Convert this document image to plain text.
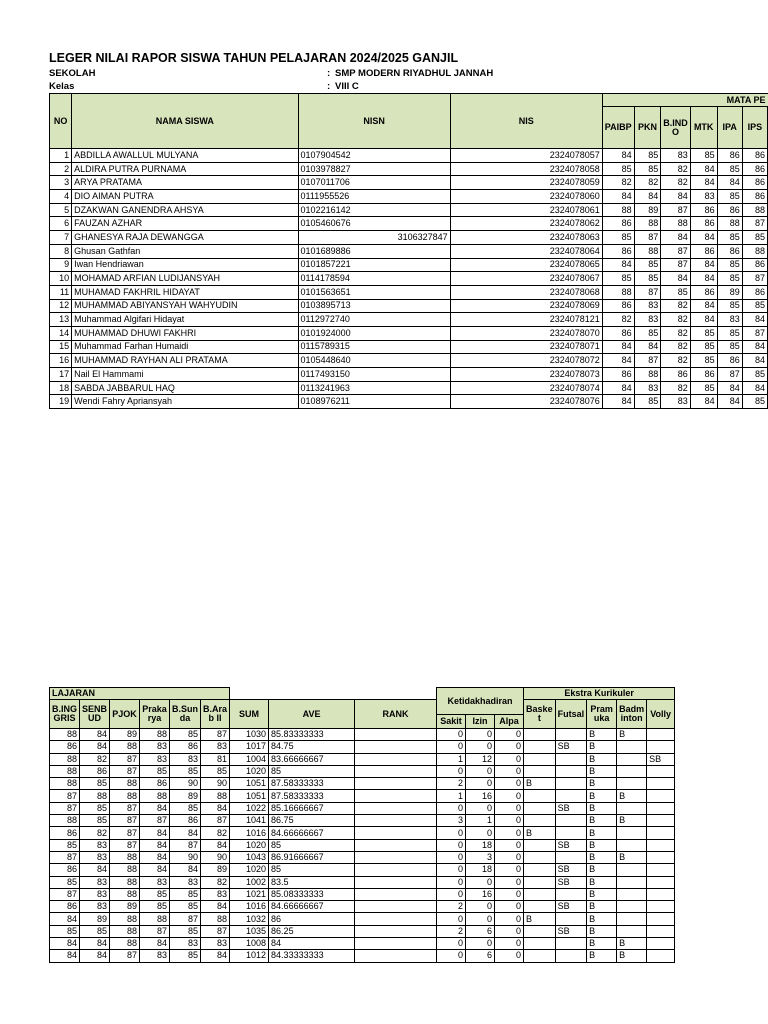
LEGER NILAI RAPOR SISWA TAHUN PELAJARAN 2024/2025 GANJIL
SEKOLAH	: SMP MODERN RIYADHUL JANNAH
Kelas	: VIII C
NO	NAMA SISWA	NISN	NIS	MATA PE					
				PAIBP	PKN	B.IND O	MTK	IPA	IPS
1	ABDILLA AWALLUL MULYANA	0107904542	2324078057	84	85	83	85	86	86
2	ALDIRA PUTRA PURNAMA	0103978827	2324078058	85	85	82	84	85	86
3	ARYA PRATAMA	0107011706	2324078059	82	82	82	84	84	86
4	DIO AIMAN PUTRA	0111955526	2324078060	84	84	84	83	85	86
5	DZAKWAN GANENDRA AHSYA	0102216142	2324078061	88	89	87	86	86	88
6	FAUZAN AZHAR	0105460676	2324078062	86	88	88	86	88	87
7	GHANESYA RAJA DEWANGGA	3106327847	2324078063	85	87	84	84	85	85
8	Ghusan Gathfan	0101689886	2324078064	86	88	87	86	86	88
9	Iwan Hendriawan	0101857221	2324078065	84	85	87	84	85	86
10	MOHAMAD ARFIAN LUDIJANSYAH	0114178594	2324078067	85	85	84	84	85	87
11	MUHAMAD FAKHRIL HIDAYAT	0101563651	2324078068	88	87	85	86	89	86
12	MUHAMMAD ABIYANSYAH WAHYUDIN	0103895713	2324078069	86	83	82	84	85	85
13	Muhammad Algifari Hidayat	0112972740	2324078121	82	83	82	84	83	84
14	MUHAMMAD DHUWI FAKHRI	0101924000	2324078070	86	85	82	85	85	87
15	Muhammad Farhan Humaidi	0115789315	2324078071	84	84	82	85	85	84
16	MUHAMMAD RAYHAN ALI PRATAMA	0105448640	2324078072	84	87	82	85	86	84
17	Nail El Hammami	0117493150	2324078073	86	88	86	86	87	85
18	SABDA JABBARUL HAQ	0113241963	2324078074	84	83	82	85	84	84
19	Wendi Fahry Apriansyah	0108976211	2324078076	84	85	83	84	84	85
LAJARAN									Ketidakhadiran			Ekstra Kurikuler				
B.ING GRIS	SENB UD	PJOK	Praka rya	B.Sun da	B.Ara b II	SUM	AVE	RANK				Baske t	Futsal	Pram uka	Badm inton	Volly
									Sakit	Izin	Alpa					
88	84	89	88	85	87	1030	85.83333333		0	0	0			B	B	
86	84	88	83	86	83	1017	84.75		0	0	0		SB	B		
88	82	87	83	83	81	1004	83.66666667		1	12	0			B		SB
88	86	87	85	85	85	1020	85		0	0	0			B		
88	85	88	86	90	90	1051	87.58333333		2	0	0	B		B		
87	88	88	88	89	88	1051	87.58333333		1	16	0			B	B	
87	85	87	84	85	84	1022	85.16666667		0	0	0		SB	B		
88	85	87	87	86	87	1041	86.75		3	1	0			B	B	
86	82	87	84	84	82	1016	84.66666667		0	0	0	B		B		
85	83	87	84	87	84	1020	85		0	18	0		SB	B		
87	83	88	84	90	90	1043	86.91666667		0	3	0			B	B	
86	84	88	84	84	89	1020	85		0	18	0		SB	B		
85	83	88	83	83	82	1002	83.5		0	0	0		SB	B		
87	83	88	85	85	83	1021	85.08333333		0	16	0			B		
86	83	89	85	85	84	1016	84.66666667		2	0	0		SB	B		
84	89	88	88	87	88	1032	86		0	0	0	B		B		
85	85	88	87	85	87	1035	86.25		2	6	0		SB	B		
84	84	88	84	83	83	1008	84		0	0	0			B	B	
84	84	87	83	85	84	1012	84.33333333		0	6	0			B	B	
